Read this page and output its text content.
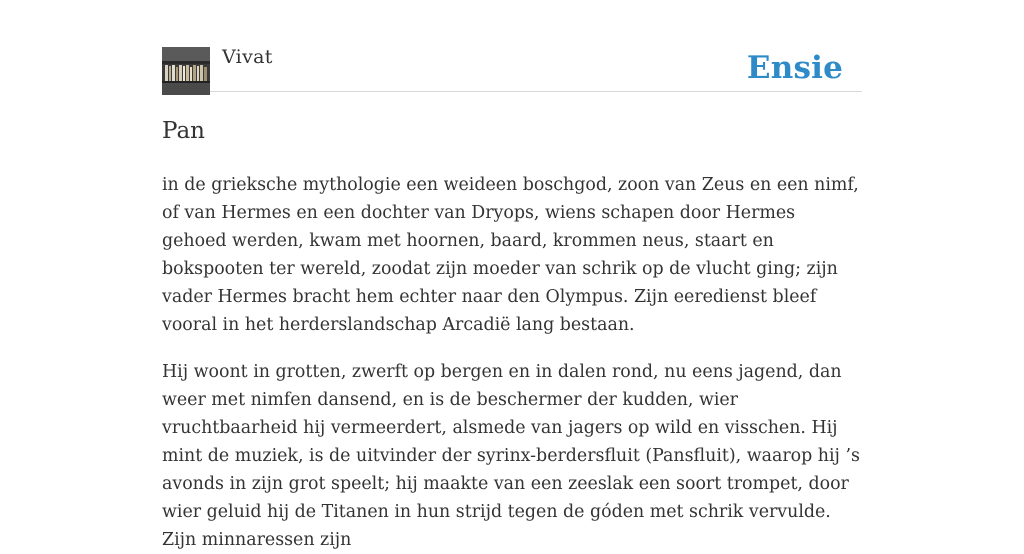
Vivat	Ensie
Pan

in de grieksche mythologie een weideen boschgod, zoon van Zeus en een nimf, of van Hermes en een dochter van Dryops, wiens schapen door Hermes gehoed werden, kwam met hoornen, baard, krommen neus, staart en bokspooten ter wereld, zoodat zijn moeder van schrik op de vlucht ging; zijn vader Hermes bracht hem echter naar den Olympus. Zijn eeredienst bleef vooral in het herderslandschap Arcadië lang bestaan.

Hij woont in grotten, zwerft op bergen en in dalen rond, nu eens jagend, dan weer met nimfen dansend, en is de beschermer der kudden, wier vruchtbaarheid hij vermeerdert, alsmede van jagers op wild en visschen. Hij mint de muziek, is de uitvinder der syrinx-berdersfluit (Pansfluit), waarop hij ’s avonds in zijn grot speelt; hij maakte van een zeeslak een soort trompet, door wier geluid hij de Titanen in hun strijd tegen de góden met schrik vervulde. Zijn minnaressen zijn
